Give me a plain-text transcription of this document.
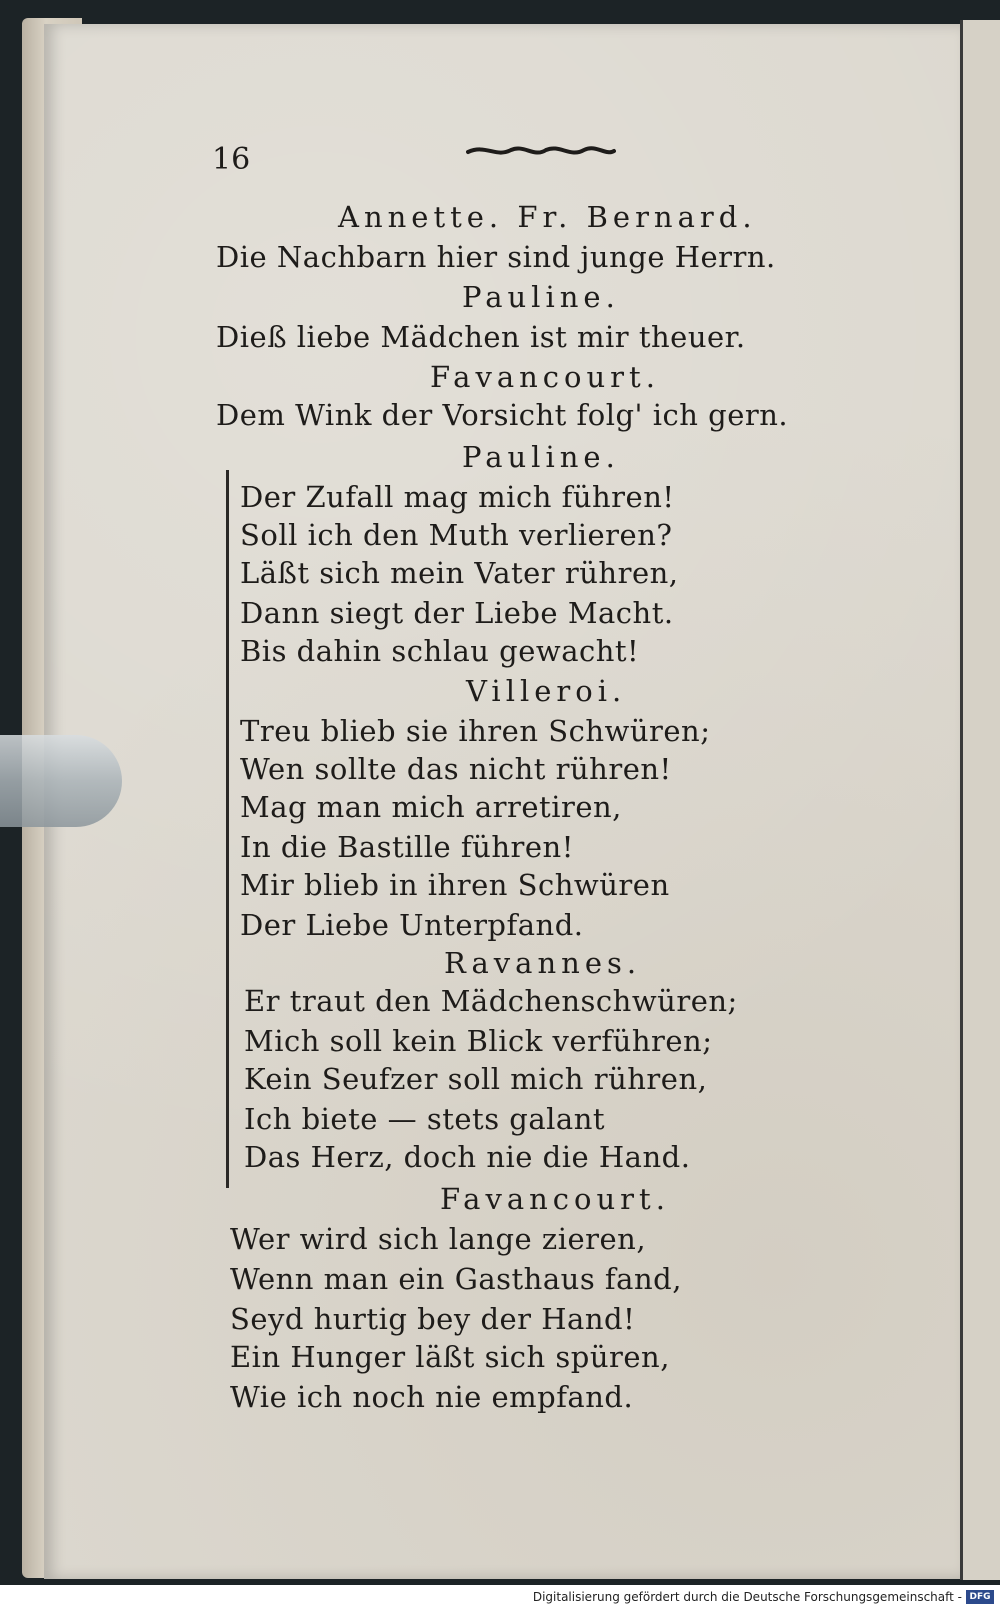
16
Annette. Fr. Bernard.
Die Nachbarn hier sind junge Herrn.
Pauline.
Dieß liebe Mädchen ist mir theuer.
Favancourt.
Dem Wink der Vorsicht folg' ich gern.
Pauline.
Der Zufall mag mich führen!
Soll ich den Muth verlieren?
Läßt sich mein Vater rühren,
Dann siegt der Liebe Macht.
Bis dahin schlau gewacht!
Villeroi.
Treu blieb sie ihren Schwüren;
Wen sollte das nicht rühren!
Mag man mich arretiren,
In die Bastille führen!
Mir blieb in ihren Schwüren
Der Liebe Unterpfand.
Ravannes.
Er traut den Mädchenschwüren;
Mich soll kein Blick verführen;
Kein Seufzer soll mich rühren,
Ich biete — stets galant
Das Herz, doch nie die Hand.
Favancourt.
Wer wird sich lange zieren,
Wenn man ein Gasthaus fand,
Seyd hurtig bey der Hand!
Ein Hunger läßt sich spüren,
Wie ich noch nie empfand.
Digitalisierung gefördert durch die Deutsche Forschungsgemeinschaft - DFG
